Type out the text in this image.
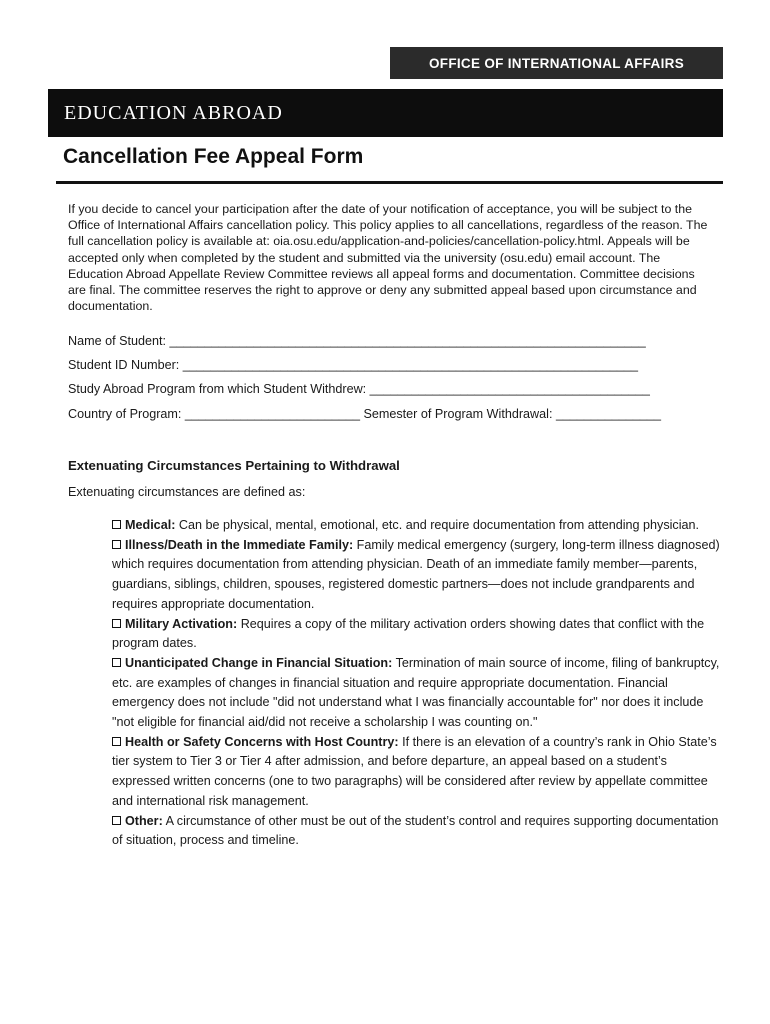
OFFICE OF INTERNATIONAL AFFAIRS
EDUCATION ABROAD
Cancellation Fee Appeal Form

If you decide to cancel your participation after the date of your notification of acceptance, you will be subject to the Office of International Affairs cancellation policy. This policy applies to all cancellations, regardless of the reason. The full cancellation policy is available at: oia.osu.edu/application-and-policies/cancellation-policy.html. Appeals will be accepted only when completed by the student and submitted via the university (osu.edu) email account. The Education Abroad Appellate Review Committee reviews all appeal forms and documentation. Committee decisions are final. The committee reserves the right to approve or deny any submitted appeal based upon circumstance and documentation.

Name of Student: ____________________________________________________________________
Student ID Number: _________________________________________________________________
Study Abroad Program from which Student Withdrew: ________________________________________
Country of Program: _________________________ Semester of Program Withdrawal: _______________
Extenuating Circumstances Pertaining to Withdrawal

Extenuating circumstances are defined as:

Medical: Can be physical, mental, emotional, etc. and require documentation from attending physician.
Illness/Death in the Immediate Family: Family medical emergency (surgery, long-term illness diagnosed) which requires documentation from attending physician. Death of an immediate family member—parents, guardians, siblings, children, spouses, registered domestic partners—does not include grandparents and requires appropriate documentation.
Military Activation: Requires a copy of the military activation orders showing dates that conflict with the program dates.
Unanticipated Change in Financial Situation: Termination of main source of income, filing of bankruptcy, etc. are examples of changes in financial situation and require appropriate documentation. Financial emergency does not include "did not understand what I was financially accountable for" nor does it include "not eligible for financial aid/did not receive a scholarship I was counting on."
Health or Safety Concerns with Host Country: If there is an elevation of a country’s rank in Ohio State’s tier system to Tier 3 or Tier 4 after admission, and before departure, an appeal based on a student’s expressed written concerns (one to two paragraphs) will be considered after review by appellate committee and international risk management.
Other: A circumstance of other must be out of the student’s control and requires supporting documentation of situation, process and timeline.
